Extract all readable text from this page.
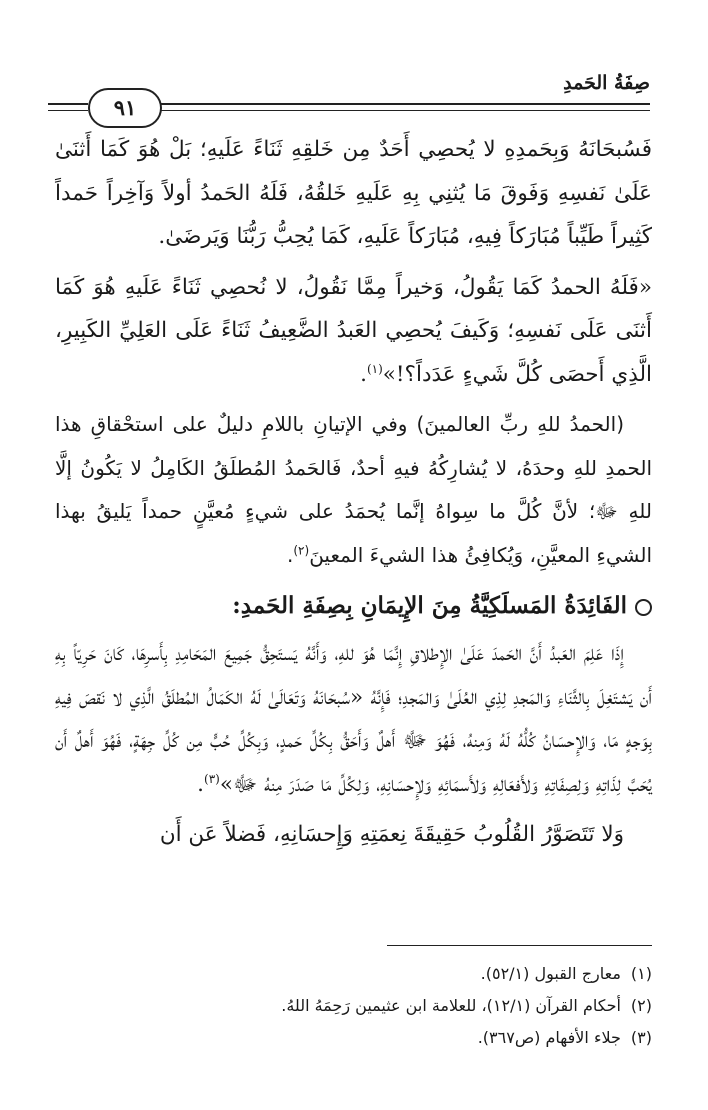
صِفَةُ الحَمدِ
٩١

فَسُبحَانَهُ وَبِحَمدِهِ لا يُحصِي أَحَدٌ مِن خَلقِهِ ثَنَاءً عَلَيهِ؛ بَلْ هُوَ كَمَا أَثنَىٰ عَلَىٰ نَفسِهِ وَفَوقَ مَا يُثنِي بِهِ عَلَيهِ خَلقُهُ، فَلَهُ الحَمدُ أولاً وَآخِراً حَمداً كَثِيراً طَيِّباً مُبَارَكاً فِيهِ، مُبَارَكاً عَلَيهِ، كَمَا يُحِبُّ رَبُّنَا وَيَرضَىٰ.

«فَلَهُ الحمدُ كَمَا يَقُولُ، وَخيراً مِمَّا نَقُولُ، لا نُحصِي ثَنَاءً عَلَيهِ هُوَ كَمَا أَثنَى عَلَى نَفسِهِ؛ وَكَيفَ يُحصِي العَبدُ الضَّعِيفُ ثَنَاءً عَلَى العَلِيِّ الكَبِيرِ، الَّذِي أَحصَى كُلَّ شَيءٍ عَدَداً؟!»$^{(١)}$.

(الحمدُ للهِ ربِّ العالمينَ) وفي الإتيانِ باللامِ دليلٌ على استحْقاقِ هذا الحمدِ للهِ وحدَهُ، لا يُشارِكُهُ فيهِ أحدٌ، فَالحَمدُ المُطلَقُ الكَامِلُ لا يَكُونُ إلَّا للهِ ﷻ؛ لأنَّ كُلَّ ما سِواهُ إنَّما يُحمَدُ على شيءٍ مُعيَّنٍ حمداً يَليقُ بهذا الشيءِ المعيَّنِ، وَيُكافِئُ هذا الشيءَ المعينَ$^{(٢)}$.

الفَائِدَةُ المَسلَكِيَّةُ مِنَ الإِيمَانِ بِصِفَةِ الحَمدِ:

إِذَا عَلِمَ العَبدُ أَنَّ الحَمدَ عَلَىٰ الإِطلاقِ إِنَّمَا هُوَ للهِ، وَأَنَّهُ يَستَحِقُّ جَمِيعَ المَحَامِدِ بِأَسرِهَا، كَانَ حَرِيّاً بِهِ أَن يَشتَغِلَ بِالثَّنَاءِ وَالمَجدِ لِذِي العُلَىٰ وَالمَجدِ؛ فَإِنَّهُ «سُبحَانَهُ وَتَعَالَىٰ لَهُ الكَمَالُ المُطلَقُ الَّذِي لا نَقصَ فِيهِ بِوَجهٍ مَا، وَالإِحسَانُ كُلُّهُ لَهُ وَمِنهُ، فَهُوَ ﷻ أَهلٌ وَأَحَقُّ بِكُلِّ حَمدٍ، وَبِكُلِّ حُبٍّ مِن كُلِّ جِهَةٍ، فَهُوَ أَهلٌ أَن يُحَبَّ لِذَاتِهِ وَلِصِفَاتِهِ وَلأَفعَالِهِ وَلأَسمَائِهِ وَلإِحسَانِهِ، وَلِكُلِّ مَا صَدَرَ مِنهُ ﷻ»$^{(٣)}$.

وَلا تَتَصَوَّرُ القُلُوبُ حَقِيقَةَ نِعمَتِهِ وَإِحسَانِهِ، فَضلاً عَن أَن

(١)معارج القبول (٥٢/١).
(٢)أحكام القرآن (١٢/١)، للعلامة ابن عثيمين رَحِمَهُ اللهُ.
(٣)جلاء الأفهام (ص٣٦٧).
